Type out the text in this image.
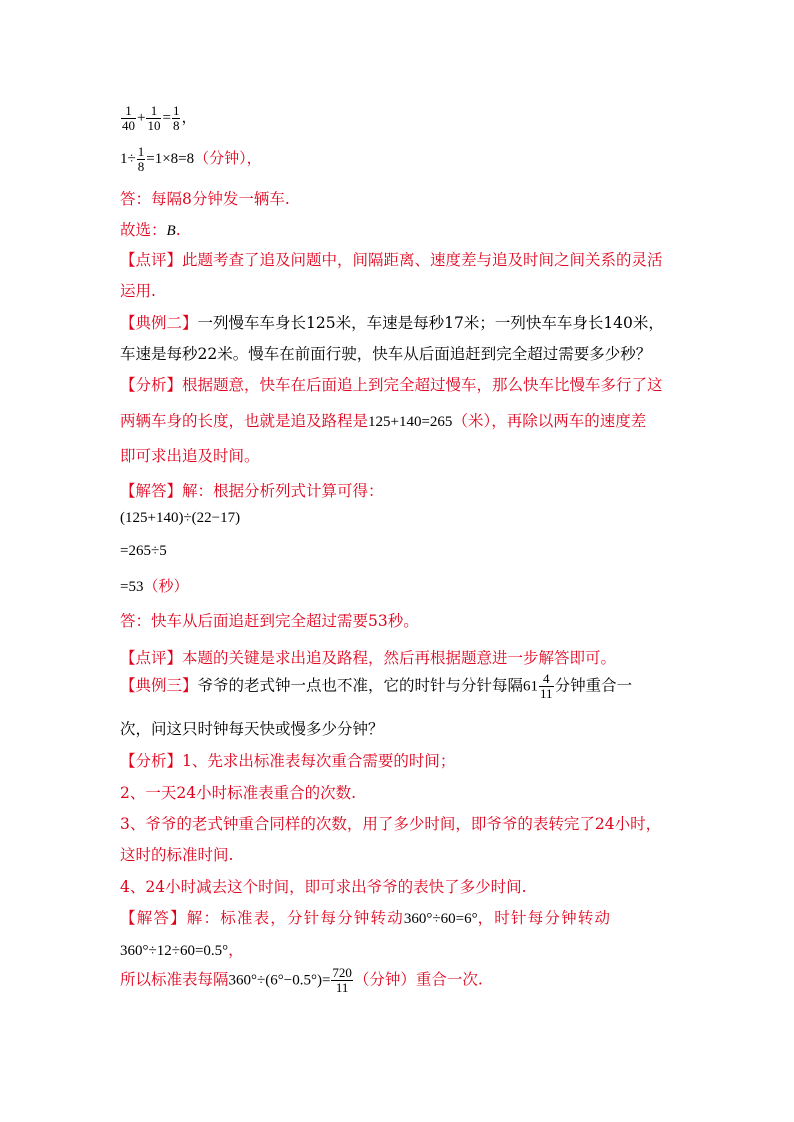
$\frac{1}{40} + \frac{1}{10} = \frac{1}{8}$ ，
$1\div \frac{1}{8} =1\times 8=8$（分钟），
答：每隔8分钟发一辆车.
故选：B.
【点评】此题考查了追及问题中，间隔距离、速度差与追及时间之间关系的灵活
运用.
【典例二】一列慢车车身长125米，车速是每秒17米；一列快车车身长140米，
车速是每秒22米。慢车在前面行驶，快车从后面追赶到完全超过需要多少秒？
【分析】根据题意，快车在后面追上到完全超过慢车，那么快车比慢车多行了这
两辆车身的长度，也就是追及路程是125+140=265（米），再除以两车的速度差
即可求出追及时间。
【解答】解：根据分析列式计算可得：
(125+140)÷(22−17)
=265÷5
=53（秒）
答：快车从后面追赶到完全超过需要53秒。
【点评】本题的关键是求出追及路程，然后再根据题意进一步解答即可。
【典例三】爷爷的老式钟一点也不准，它的时针与分针每隔$61 \frac{4}{11}$ 分钟重合一
次，问这只时钟每天快或慢多少分钟？
【分析】1、先求出标准表每次重合需要的时间；
2、一天24小时标准表重合的次数.
3、爷爷的老式钟重合同样的次数，用了多少时间，即爷爷的表转完了24小时，
这时的标准时间.
4、24小时减去这个时间，即可求出爷爷的表快了多少时间.
【解答】解：标准表，分针每分钟转动360°÷60=6°，时针每分钟转动
360°÷12÷60=0.5°，
所以标准表每隔$360^\circ\div(6^\circ-0.5^\circ)= \frac{720}{11}$ （分钟）重合一次.
